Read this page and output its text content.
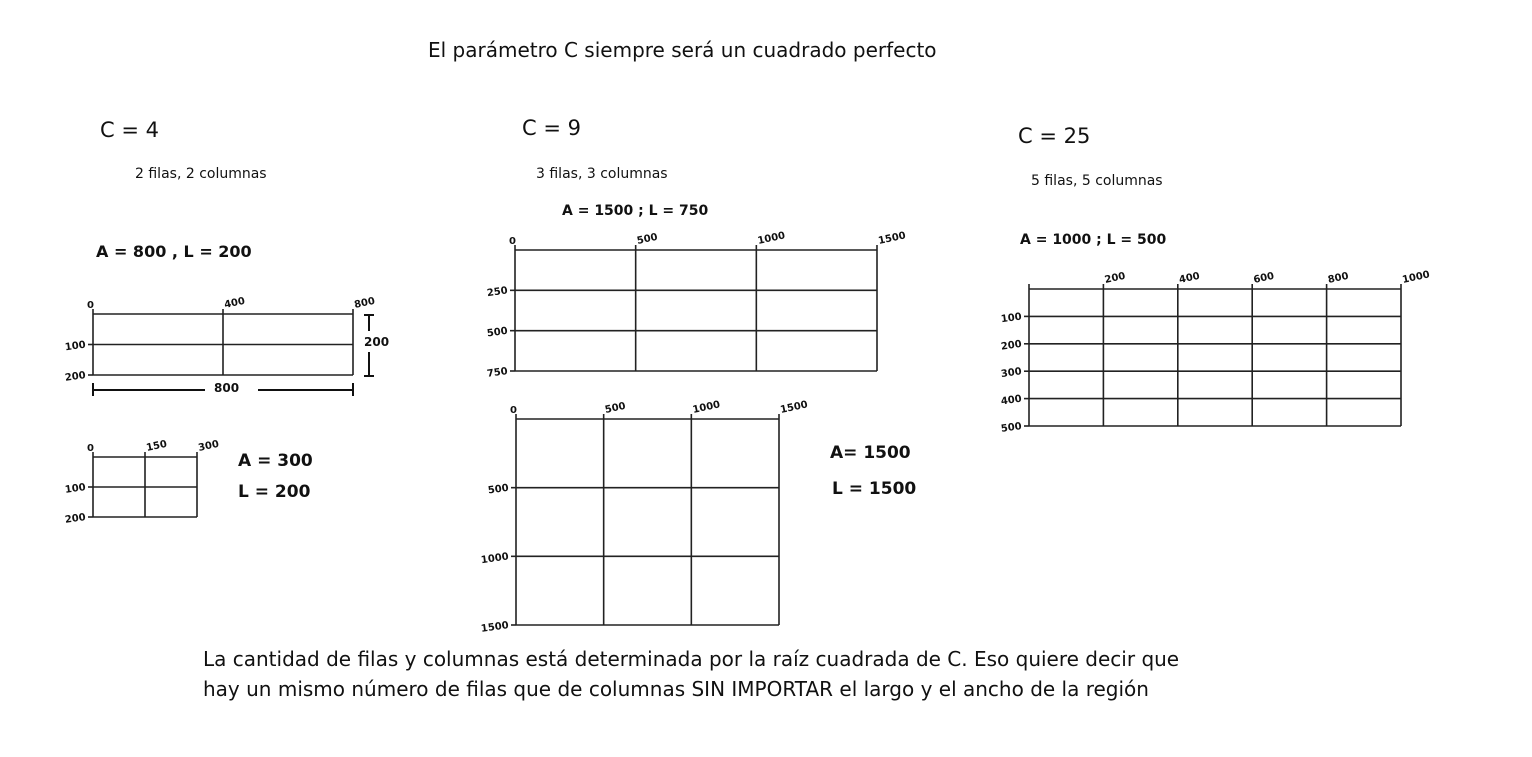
El parámetro C siempre será un cuadrado perfecto
C = 4
2 filas, 2 columnas
A = 800 , L = 200
C = 9
3 filas, 3 columnas
A = 1500 ; L = 750
C = 25
5 filas, 5 columnas
A = 1000 ; L = 500
800
200
A = 300
L = 200
A= 1500
L = 1500
La cantidad de filas y columnas está determinada por la raíz cuadrada de C. Eso quiere decir que
hay un mismo número de filas que de columnas SIN IMPORTAR el largo y el ancho de la región
0	400	800
100
200
0	150	300
100
200
0	500	1000	1500
250
500
750
0	500	1000	1500
500
1000
1500
200	400	600	800	1000
100
200
300
400
500
